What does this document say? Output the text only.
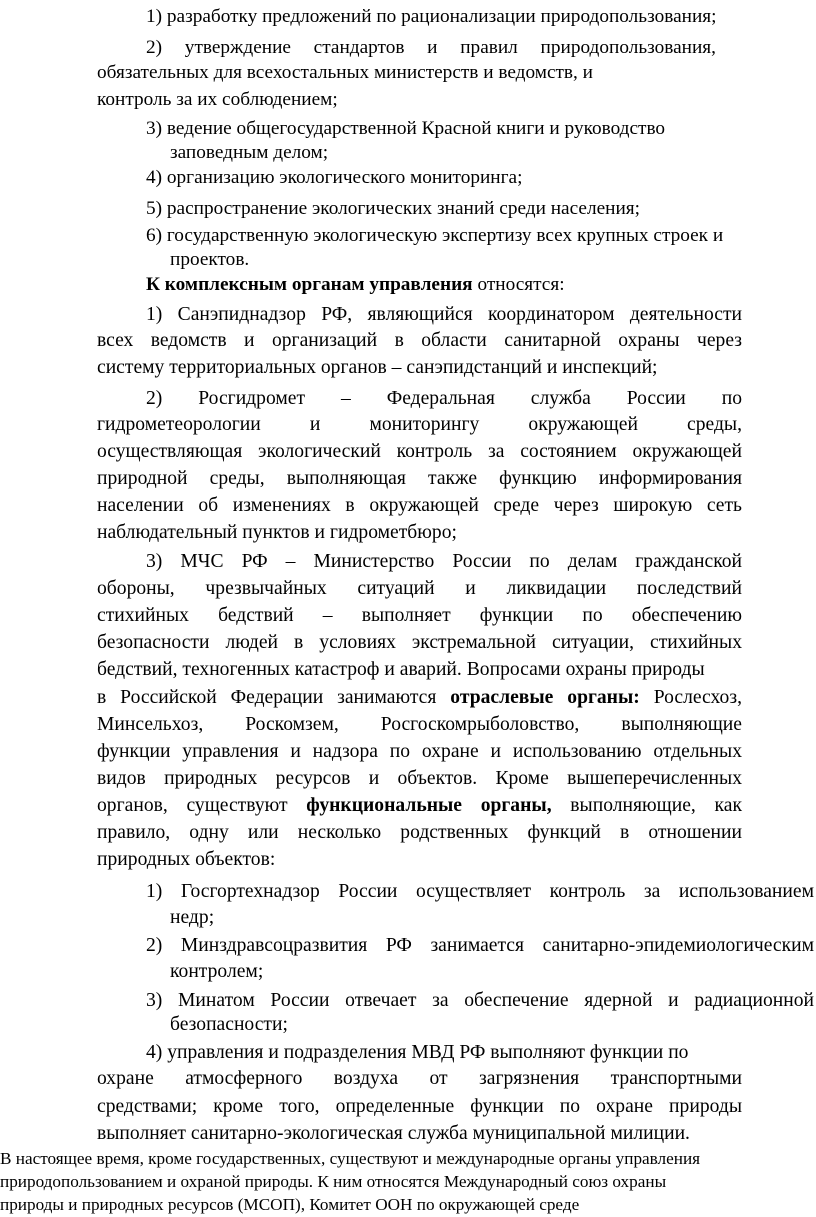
1) разработку предложений по рационализации природопользования;
2) утверждение стандартов и правил природопользования,
обязательных для всехостальных министерств и ведомств, и
контроль за их соблюдением;
3) ведение общегосударственной Красной книги и руководство
заповедным делом;
4) организацию экологического мониторинга;
5) распространение экологических знаний среди населения;
6) государственную экологическую экспертизу всех крупных строек и
проектов.
К комплексным органам управления относятся:
1) Санэпиднадзор РФ, являющийся координатором деятельности
всех ведомств и организаций в области санитарной охраны через
систему территориальных органов – санэпидстанций и инспекций;
2) Росгидромет – Федеральная служба России по
гидрометеорологии и мониторингу окружающей среды,
осуществляющая экологический контроль за состоянием окружающей
природной среды, выполняющая также функцию информирования
населении об изменениях в окружающей среде через широкую сеть
наблюдательный пунктов и гидрометбюро;
3) МЧС РФ – Министерство России по делам гражданской
обороны, чрезвычайных ситуаций и ликвидации последствий
стихийных бедствий – выполняет функции по обеспечению
безопасности людей в условиях экстремальной ситуации, стихийных
бедствий, техногенных катастроф и аварий. Вопросами охраны природы
в Российской Федерации занимаются отраслевые органы: Рослесхоз,
Минсельхоз, Роскомзем, Росгоскомрыболовство, выполняющие
функции управления и надзора по охране и использованию отдельных
видов природных ресурсов и объектов. Кроме вышеперечисленных
органов, существуют функциональные органы, выполняющие, как
правило, одну или несколько родственных функций в отношении
природных объектов:
1) Госгортехнадзор России осуществляет контроль за использованием
недр;
2) Минздравсоцразвития РФ занимается санитарно-эпидемиологическим
контролем;
3) Минатом России отвечает за обеспечение ядерной и радиационной
безопасности;
4) управления и подразделения МВД РФ выполняют функции по
охране атмосферного воздуха от загрязнения транспортными
средствами; кроме того, определенные функции по охране природы
выполняет санитарно-экологическая служба муниципальной милиции.
В настоящее время, кроме государственных, существуют и международные органы управления
природопользованием и охраной природы. К ним относятся Международный союз охраны
природы и природных ресурсов (МСОП), Комитет ООН по окружающей среде
